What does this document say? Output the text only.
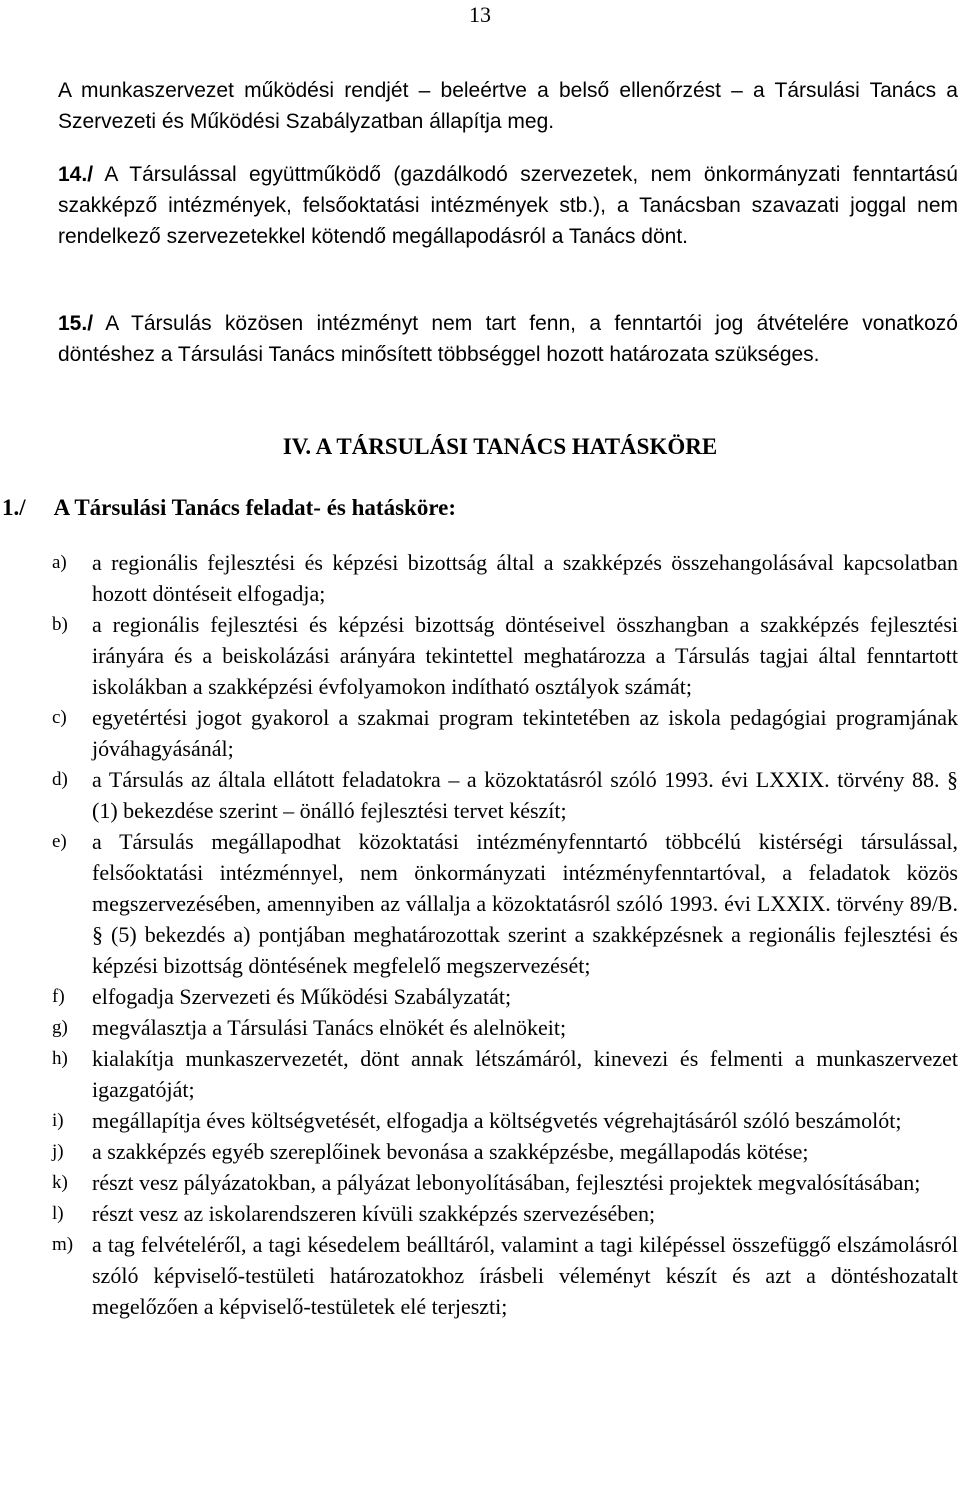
13
A munkaszervezet működési rendjét – beleértve a belső ellenőrzést – a Társulási Tanács a Szervezeti és Működési Szabályzatban állapítja meg.
14./ A Társulással együttműködő (gazdálkodó szervezetek, nem önkormányzati fenntartású szakképző intézmények, felsőoktatási intézmények stb.), a Tanácsban szavazati joggal nem rendelkező szervezetekkel kötendő megállapodásról a Tanács dönt.
15./ A Társulás közösen intézményt nem tart fenn, a fenntartói jog átvételére vonatkozó döntéshez a Társulási Tanács minősített többséggel hozott határozata szükséges.
IV. A TÁRSULÁSI TANÁCS HATÁSKÖRE
1./ A Társulási Tanács feladat- és hatásköre:
a)	a regionális fejlesztési és képzési bizottság által a szakképzés összehangolásával kapcsolatban hozott döntéseit elfogadja;
b)	a regionális fejlesztési és képzési bizottság döntéseivel összhangban a szakképzés fejlesztési irányára és a beiskolázási arányára tekintettel meghatározza a Társulás tagjai által fenntartott iskolákban a szakképzési évfolyamokon indítható osztályok számát;
c)	egyetértési jogot gyakorol a szakmai program tekintetében az iskola pedagógiai programjának jóváhagyásánál;
d)	a Társulás az általa ellátott feladatokra – a közoktatásról szóló 1993. évi LXXIX. törvény 88. § (1) bekezdése szerint – önálló fejlesztési tervet készít;
e)	a Társulás megállapodhat közoktatási intézményfenntartó többcélú kistérségi társulással, felsőoktatási intézménnyel, nem önkormányzati intézményfenntartóval, a feladatok közös megszervezésében, amennyiben az vállalja a közoktatásról szóló 1993. évi LXXIX. törvény 89/B. § (5) bekezdés a) pontjában meghatározottak szerint a szakképzésnek a regionális fejlesztési és képzési bizottság döntésének megfelelő megszervezését;
f)	elfogadja Szervezeti és Működési Szabályzatát;
g)	megválasztja a Társulási Tanács elnökét és alelnökeit;
h)	kialakítja munkaszervezetét, dönt annak létszámáról, kinevezi és felmenti a munkaszervezet igazgatóját;
i)	megállapítja éves költségvetését, elfogadja a költségvetés végrehajtásáról szóló beszámolót;
j)	a szakképzés egyéb szereplőinek bevonása a szakképzésbe, megállapodás kötése;
k)	részt vesz pályázatokban, a pályázat lebonyolításában, fejlesztési projektek megvalósításában;
l)	részt vesz az iskolarendszeren kívüli szakképzés szervezésében;
m) a tag felvételéről, a tagi késedelem beálltáról, valamint a tagi kilépéssel összefüggő elszámolásról szóló képviselő-testületi határozatokhoz írásbeli véleményt készít és azt a döntéshozatalt megelőzően a képviselő-testületek elé terjeszti;
